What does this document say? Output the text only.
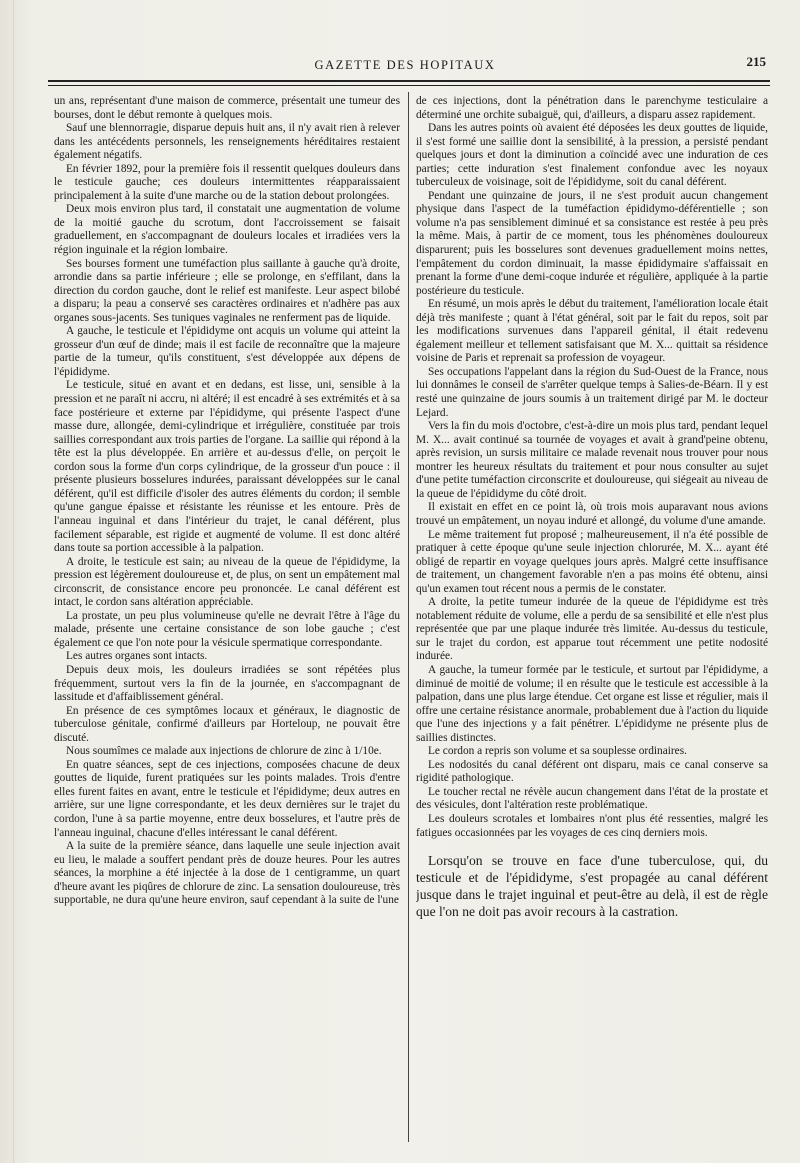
GAZETTE DES HOPITAUX	215

un ans, représentant d'une maison de commerce, présentait une tumeur des bourses, dont le début remonte à quelques mois.

Sauf une blennorragie, disparue depuis huit ans, il n'y avait rien à relever dans les antécédents personnels, les renseignements héréditaires restaient également négatifs.

En février 1892, pour la première fois il ressentit quelques douleurs dans le testicule gauche; ces douleurs intermittentes réapparaissaient principalement à la suite d'une marche ou de la station debout prolongées.

Deux mois environ plus tard, il constatait une augmentation de volume de la moitié gauche du scrotum, dont l'accroissement se faisait graduellement, en s'accompagnant de douleurs locales et irradiées vers la région inguinale et la région lombaire.

Ses bourses forment une tuméfaction plus saillante à gauche qu'à droite, arrondie dans sa partie inférieure ; elle se prolonge, en s'effilant, dans la direction du cordon gauche, dont le relief est manifeste. Leur aspect bilobé a disparu; la peau a conservé ses caractères ordinaires et n'adhère pas aux organes sous-jacents. Ses tuniques vaginales ne renferment pas de liquide.

A gauche, le testicule et l'épididyme ont acquis un volume qui atteint la grosseur d'un œuf de dinde; mais il est facile de reconnaître que la majeure partie de la tumeur, qu'ils constituent, s'est développée aux dépens de l'épididyme.

Le testicule, situé en avant et en dedans, est lisse, uni, sensible à la pression et ne paraît ni accru, ni altéré; il est encadré à ses extrémités et à sa face postérieure et externe par l'épididyme, qui présente l'aspect d'une masse dure, allongée, demi-cylindrique et irrégulière, constituée par trois saillies correspondant aux trois parties de l'organe. La saillie qui répond à la tête est la plus développée. En arrière et au-dessus d'elle, on perçoit le cordon sous la forme d'un corps cylindrique, de la grosseur d'un pouce : il présente plusieurs bosselures indurées, paraissant développées sur le canal déférent, qu'il est difficile d'isoler des autres éléments du cordon; il semble qu'une gangue épaisse et résistante les réunisse et les entoure. Près de l'anneau inguinal et dans l'intérieur du trajet, le canal déférent, plus facilement séparable, est rigide et augmenté de volume. Il est donc altéré dans toute sa portion accessible à la palpation.

A droite, le testicule est sain; au niveau de la queue de l'épididyme, la pression est légèrement douloureuse et, de plus, on sent un empâtement mal circonscrit, de consistance encore peu prononcée. Le canal déférent est intact, le cordon sans altération appréciable.

La prostate, un peu plus volumineuse qu'elle ne devrait l'être à l'âge du malade, présente une certaine consistance de son lobe gauche ; c'est également ce que l'on note pour la vésicule spermatique correspondante.

Les autres organes sont intacts.

Depuis deux mois, les douleurs irradiées se sont répétées plus fréquemment, surtout vers la fin de la journée, en s'accompagnant de lassitude et d'affaiblissement général.

En présence de ces symptômes locaux et généraux, le diagnostic de tuberculose génitale, confirmé d'ailleurs par Horteloup, ne pouvait être discuté.

Nous soumîmes ce malade aux injections de chlorure de zinc à 1/10e.

En quatre séances, sept de ces injections, composées chacune de deux gouttes de liquide, furent pratiquées sur les points malades. Trois d'entre elles furent faites en avant, entre le testicule et l'épididyme; deux autres en arrière, sur une ligne correspondante, et les deux dernières sur le trajet du cordon, l'une à sa partie moyenne, entre deux bosselures, et l'autre près de l'anneau inguinal, chacune d'elles intéressant le canal déférent.

A la suite de la première séance, dans laquelle une seule injection avait eu lieu, le malade a souffert pendant près de douze heures. Pour les autres séances, la morphine a été injectée à la dose de 1 centigramme, un quart d'heure avant les piqûres de chlorure de zinc. La sensation douloureuse, très supportable, ne dura qu'une heure environ, sauf cependant à la suite de l'une

de ces injections, dont la pénétration dans le parenchyme testiculaire a déterminé une orchite subaiguë, qui, d'ailleurs, a disparu assez rapidement.

Dans les autres points où avaient été déposées les deux gouttes de liquide, il s'est formé une saillie dont la sensibilité, à la pression, a persisté pendant quelques jours et dont la diminution a coïncidé avec une induration de ces parties; cette induration s'est finalement confondue avec les noyaux tuberculeux de voisinage, soit de l'épididyme, soit du canal déférent.

Pendant une quinzaine de jours, il ne s'est produit aucun changement physique dans l'aspect de la tuméfaction épididymo-déférentielle ; son volume n'a pas sensiblement diminué et sa consistance est restée à peu près la même. Mais, à partir de ce moment, tous les phénomènes douloureux disparurent; puis les bosselures sont devenues graduellement moins nettes, l'empâtement du cordon diminuait, la masse épididymaire s'affaissait en prenant la forme d'une demi-coque indurée et régulière, appliquée à la partie postérieure du testicule.

En résumé, un mois après le début du traitement, l'amélioration locale était déjà très manifeste ; quant à l'état général, soit par le fait du repos, soit par les modifications survenues dans l'appareil génital, il était redevenu également meilleur et tellement satisfaisant que M. X... quittait sa résidence voisine de Paris et reprenait sa profession de voyageur.

Ses occupations l'appelant dans la région du Sud-Ouest de la France, nous lui donnâmes le conseil de s'arrêter quelque temps à Salies-de-Béarn. Il y est resté une quinzaine de jours soumis à un traitement dirigé par M. le docteur Lejard.

Vers la fin du mois d'octobre, c'est-à-dire un mois plus tard, pendant lequel M. X... avait continué sa tournée de voyages et avait à grand'peine obtenu, après revision, un sursis militaire ce malade revenait nous trouver pour nous montrer les heureux résultats du traitement et pour nous consulter au sujet d'une petite tuméfaction circonscrite et douloureuse, qui siégeait au niveau de la queue de l'épididyme du côté droit.

Il existait en effet en ce point là, où trois mois auparavant nous avions trouvé un empâtement, un noyau induré et allongé, du volume d'une amande.

Le même traitement fut proposé ; malheureusement, il n'a été possible de pratiquer à cette époque qu'une seule injection chlorurée, M. X... ayant été obligé de repartir en voyage quelques jours après. Malgré cette insuffisance de traitement, un changement favorable n'en a pas moins été obtenu, ainsi qu'un examen tout récent nous a permis de le constater.

A droite, la petite tumeur indurée de la queue de l'épididyme est très notablement réduite de volume, elle a perdu de sa sensibilité et elle n'est plus représentée que par une plaque indurée très limitée. Au-dessus du testicule, sur le trajet du cordon, est apparue tout récemment une petite nodosité indurée.

A gauche, la tumeur formée par le testicule, et surtout par l'épididyme, a diminué de moitié de volume; il en résulte que le testicule est accessible à la palpation, dans une plus large étendue. Cet organe est lisse et régulier, mais il offre une certaine résistance anormale, probablement due à l'action du liquide que l'une des injections y a fait pénétrer. L'épididyme ne présente plus de saillies distinctes.

Le cordon a repris son volume et sa souplesse ordinaires.

Les nodosités du canal déférent ont disparu, mais ce canal conserve sa rigidité pathologique.

Le toucher rectal ne révèle aucun changement dans l'état de la prostate et des vésicules, dont l'altération reste problématique.

Les douleurs scrotales et lombaires n'ont plus été ressenties, malgré les fatigues occasionnées par les voyages de ces cinq derniers mois.

Lorsqu'on se trouve en face d'une tuberculose, qui, du testicule et de l'épididyme, s'est propagée au canal déférent jusque dans le trajet inguinal et peut-être au delà, il est de règle que l'on ne doit pas avoir recours à la castration.
